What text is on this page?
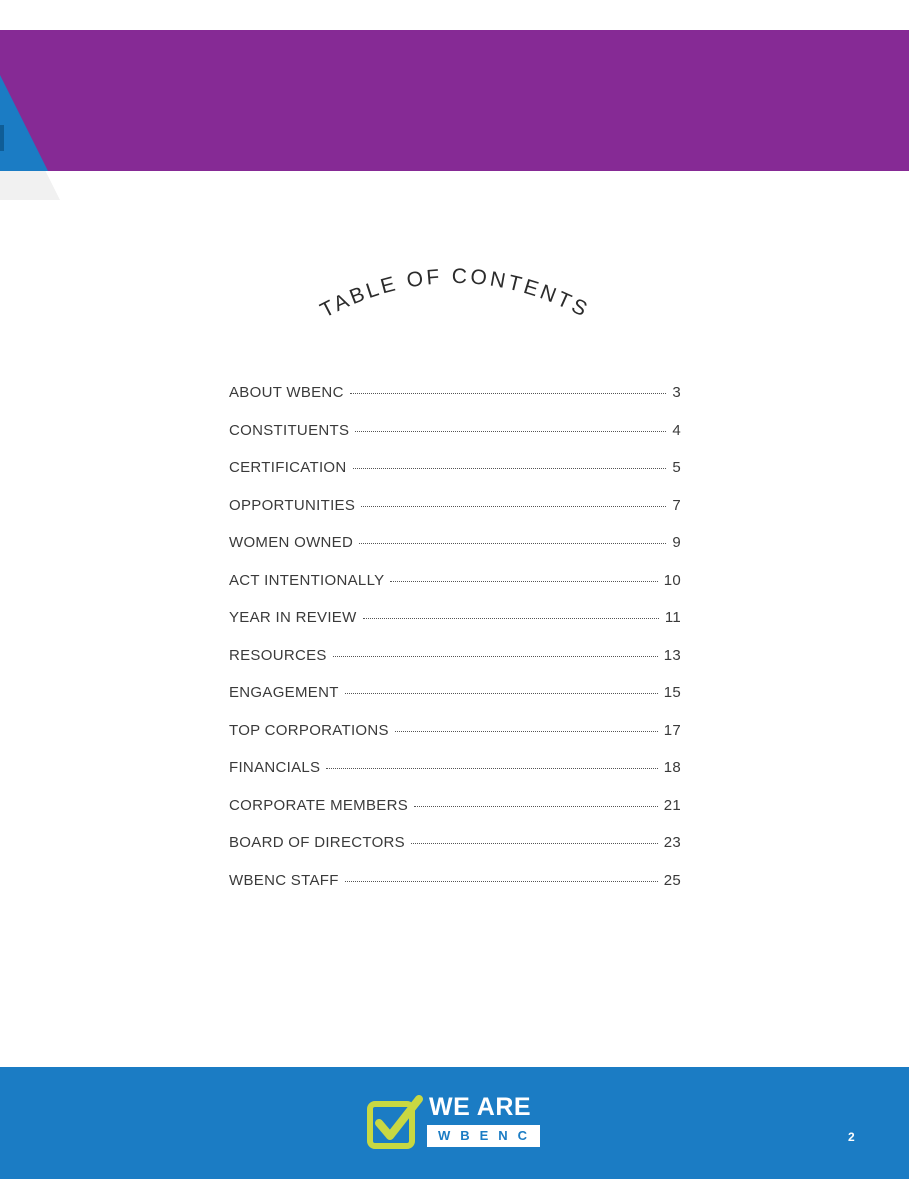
TABLE OF CONTENTS
ABOUT WBENC	3
CONSTITUENTS	4
CERTIFICATION	5
OPPORTUNITIES	7
WOMEN OWNED	9
ACT INTENTIONALLY	10
YEAR IN REVIEW	11
RESOURCES	13
ENGAGEMENT	15
TOP CORPORATIONS	17
FINANCIALS	18
CORPORATE MEMBERS	21
BOARD OF DIRECTORS	23
WBENC STAFF	25
WE ARE
WBENC	2
